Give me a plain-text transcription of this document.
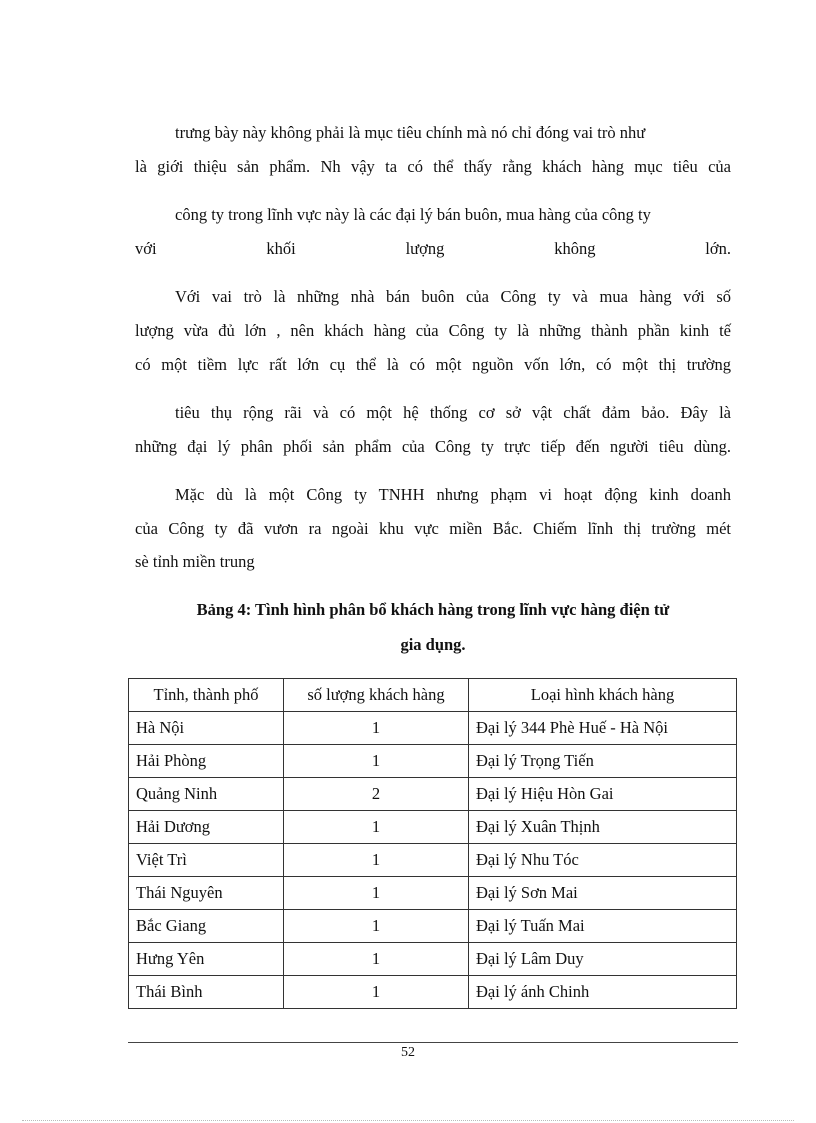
trưng bày này không phải là mục tiêu chính mà nó chỉ đóng vai trò như
là giới thiệu sản phẩm. Nh vậy ta có thể thấy rằng khách hàng mục tiêu của
công ty trong lĩnh vực này là các đại lý bán buôn, mua hàng của công ty
với khối lượng không lớn.
Với vai trò là những nhà bán buôn của Công ty và mua hàng với số
lượng vừa đủ lớn , nên khách hàng của Công ty là những thành phần kinh tế
có một tiềm lực rất lớn cụ thể là có một nguồn vốn lớn, có một thị trường
tiêu thụ rộng rãi và có một hệ thống cơ sở vật chất đảm bảo. Đây là
những đại lý phân phối sản phẩm của Công ty trực tiếp đến người tiêu dùng.
Mặc dù là một Công ty TNHH nhưng phạm vi hoạt động kinh doanh
của Công ty đã vươn ra ngoài khu vực miền Bắc. Chiếm lĩnh thị trường mét
sè tỉnh miền trung
Bảng 4: Tình hình phân bổ khách hàng trong lĩnh vực hàng điện tử
gia dụng.
Tỉnh, thành phố	số lượng khách hàng	Loại hình khách hàng
Hà Nội	1	Đại lý 344 Phè Huế - Hà Nội
Hải Phòng	1	Đại lý Trọng Tiến
Quảng Ninh	2	Đại lý Hiệu Hòn Gai
Hải Dương	1	Đại lý Xuân Thịnh
Việt Trì	1	Đại lý Nhu Tóc
Thái Nguyên	1	Đại lý Sơn Mai
Bắc Giang	1	Đại lý Tuấn Mai
Hưng Yên	1	Đại lý Lâm Duy
Thái Bình	1	Đại lý ánh Chinh
52
